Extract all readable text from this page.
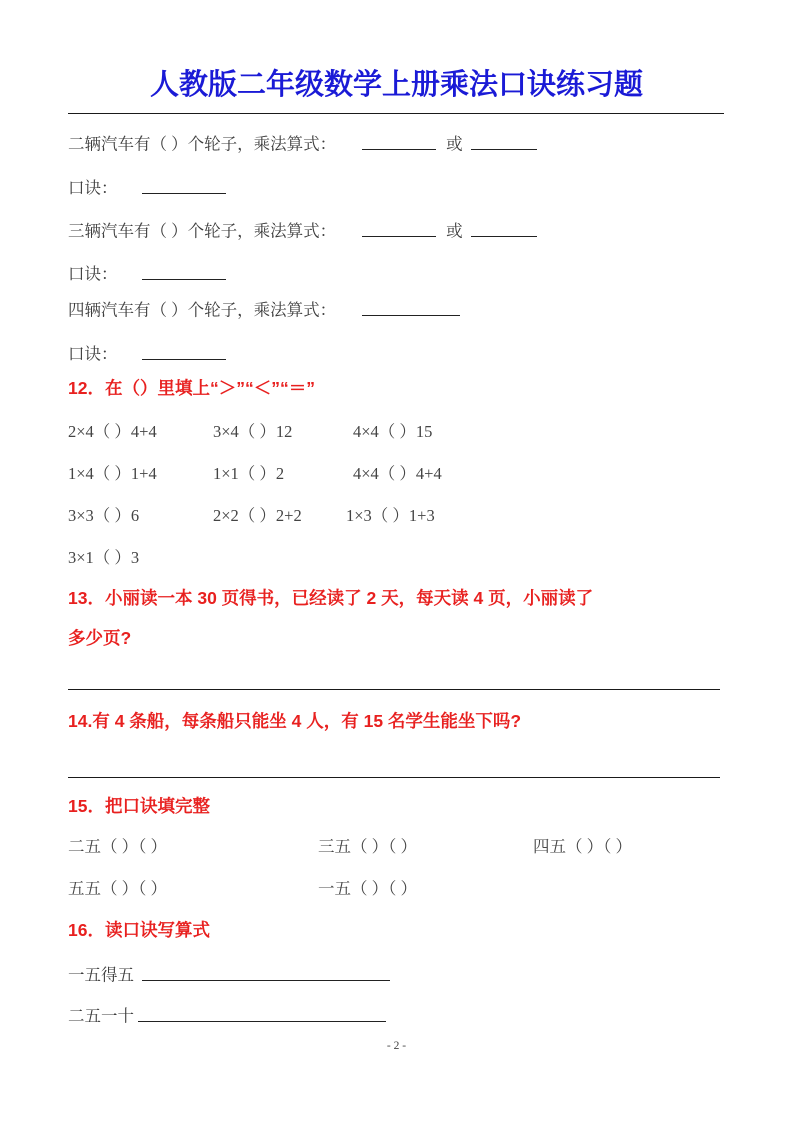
人教版二年级数学上册乘法口诀练习题
二辆汽车有（ ）个轮子，乘法算式：	或
口诀：
三辆汽车有（ ）个轮子，乘法算式：	或
口诀：
四辆汽车有（ ）个轮子，乘法算式：
口诀：
12．在（）里填上“＞”“＜”“＝”
2×4（ ）4+4	3×4（ ）12	4×4（ ）15
1×4（ ）1+4	1×1（ ）2	4×4（ ）4+4
3×3（ ）6	2×2（ ）2+2	1×3（ ）1+3
3×1（ ）3
13．小丽读一本 30 页得书，已经读了 2 天，每天读 4 页，小丽读了
多少页?
14.有 4 条船，每条船只能坐 4 人，有 15 名学生能坐下吗?
15．把口诀填完整
二五（ ）（ ）	三五（ ）（ ）	四五（ ）（ ）
五五（ ）（ ）	一五（ ）（ ）
16．读口诀写算式
一五得五
二五一十
- 2 -
